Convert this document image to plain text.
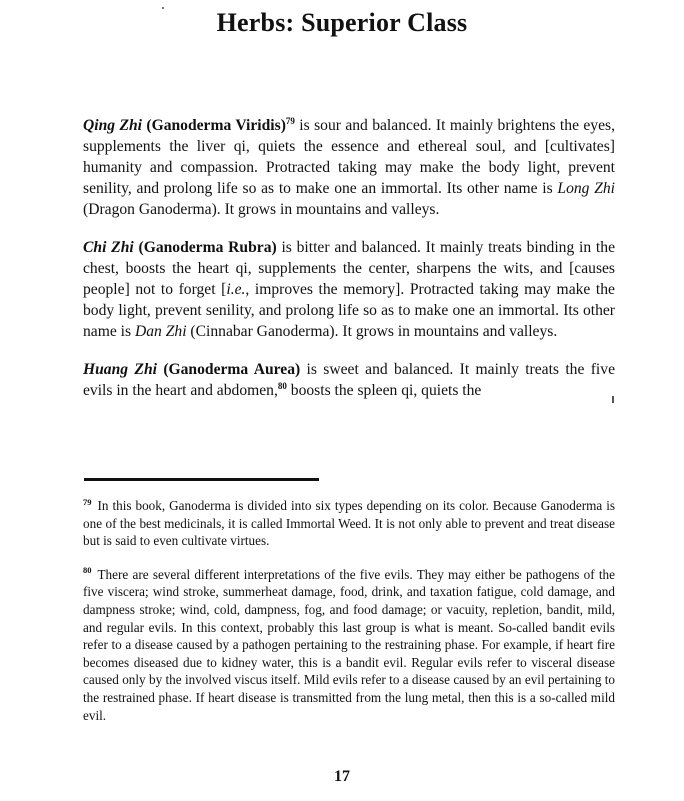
Herbs: Superior Class

Qing Zhi (Ganoderma Viridis)$^{79}$ is sour and balanced. It mainly brightens the eyes, supplements the liver qi, quiets the essence and ethereal soul, and [cultivates] humanity and compassion. Protracted taking may make the body light, prevent senility, and prolong life so as to make one an immortal. Its other name is Long Zhi (Dragon Ganoderma). It grows in mountains and valleys.

Chi Zhi (Ganoderma Rubra) is bitter and balanced. It mainly treats binding in the chest, boosts the heart qi, supplements the center, sharpens the wits, and [causes people] not to forget [i.e., improves the memory]. Protracted taking may make the body light, prevent senility, and prolong life so as to make one an immortal. Its other name is Dan Zhi (Cinnabar Ganoderma). It grows in mountains and valleys.

Huang Zhi (Ganoderma Aurea) is sweet and balanced. It mainly treats the five evils in the heart and abdomen,$^{80}$ boosts the spleen qi, quiets the

$^{79}$ In this book, Ganoderma is divided into six types depending on its color. Because Ganoderma is one of the best medicinals, it is called Immortal Weed. It is not only able to prevent and treat disease but is said to even cultivate virtues.

$^{80}$ There are several different interpretations of the five evils. They may either be pathogens of the five viscera; wind stroke, summerheat damage, food, drink, and taxation fatigue, cold damage, and dampness stroke; wind, cold, dampness, fog, and food damage; or vacuity, repletion, bandit, mild, and regular evils. In this context, probably this last group is what is meant. So-called bandit evils refer to a disease caused by a pathogen pertaining to the restraining phase. For example, if heart fire becomes diseased due to kidney water, this is a bandit evil. Regular evils refer to visceral disease caused only by the involved viscus itself. Mild evils refer to a disease caused by an evil pertaining to the restrained phase. If heart disease is transmitted from the lung metal, then this is a so-called mild evil.

17
